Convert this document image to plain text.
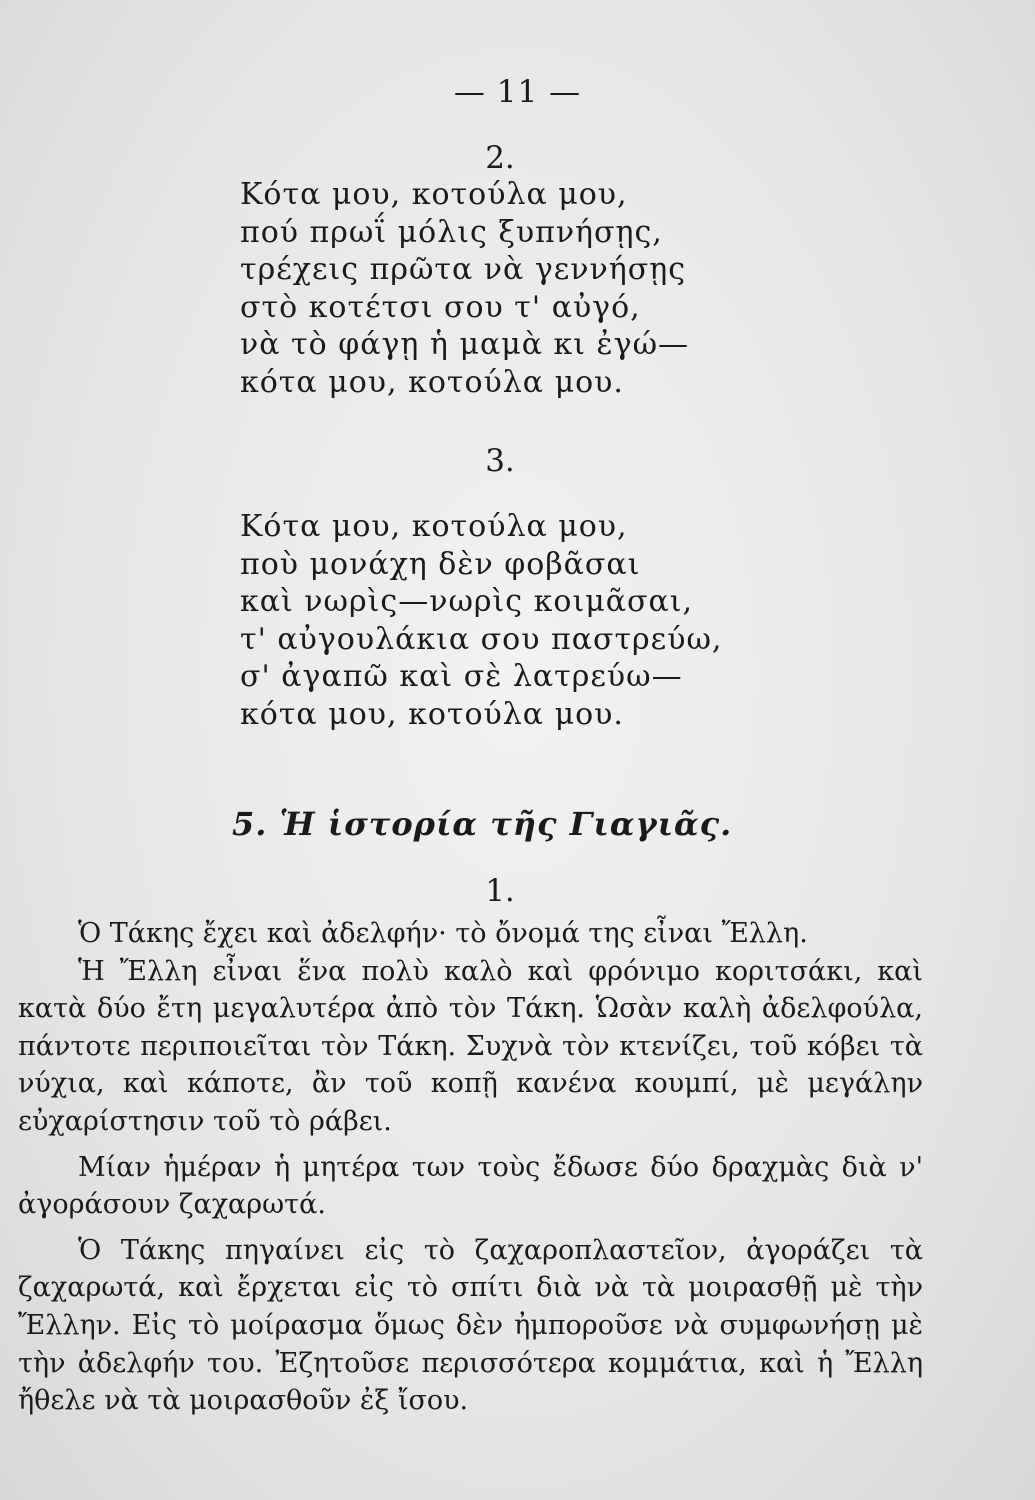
— 11 —
2.
Κότα μου, κοτούλα μου,
πού πρωΐ μόλις ξυπνήσῃς,
τρέχεις πρῶτα νὰ γεννήσῃς
στὸ κοτέτσι σου τ' αὐγό,
νὰ τὸ φάγῃ ἡ μαμὰ κι ἐγώ—
κότα μου, κοτούλα μου.
3.
Κότα μου, κοτούλα μου,
ποὺ μονάχη δὲν φοβᾶσαι
καὶ νωρὶς—νωρὶς κοιμᾶσαι,
τ' αὐγουλάκια σου παστρεύω,
σ' ἀγαπῶ καὶ σὲ λατρεύω—
κότα μου, κοτούλα μου.
5. Ἡ ἱστορία τῆς Γιαγιᾶς.
1.

Ὁ Τάκης ἔχει καὶ ἀδελφήν· τὸ ὄνομά της εἶναι Ἔλλη.

Ἡ Ἔλλη εἶναι ἕνα πολὺ καλὸ καὶ φρόνιμο κοριτσάκι, καὶ κατὰ δύο ἔτη μεγαλυτέρα ἀπὸ τὸν Τάκη. Ὡσὰν καλὴ ἀδελφούλα, πάντοτε περιποιεῖται τὸν Τάκη. Συχνὰ τὸν κτενίζει, τοῦ κόβει τὰ νύχια, καὶ κάποτε, ἂν τοῦ κοπῇ κανένα κουμπί, μὲ μεγάλην εὐχαρίστησιν τοῦ τὸ ράβει.

Μίαν ἡμέραν ἡ μητέρα των τοὺς ἔδωσε δύο δραχμὰς διὰ ν' ἀγοράσουν ζαχαρωτά.

Ὁ Τάκης πηγαίνει εἰς τὸ ζαχαροπλαστεῖον, ἀγοράζει τὰ ζαχαρωτά, καὶ ἔρχεται εἰς τὸ σπίτι διὰ νὰ τὰ μοιρασθῇ μὲ τὴν Ἔλλην. Εἰς τὸ μοίρασμα ὅμως δὲν ἠμποροῦσε νὰ συμφωνήσῃ μὲ τὴν ἀδελφήν του. Ἐζητοῦσε περισσότερα κομμάτια, καὶ ἡ Ἔλλη ἤθελε νὰ τὰ μοιρασθοῦν ἐξ ἴσου.
